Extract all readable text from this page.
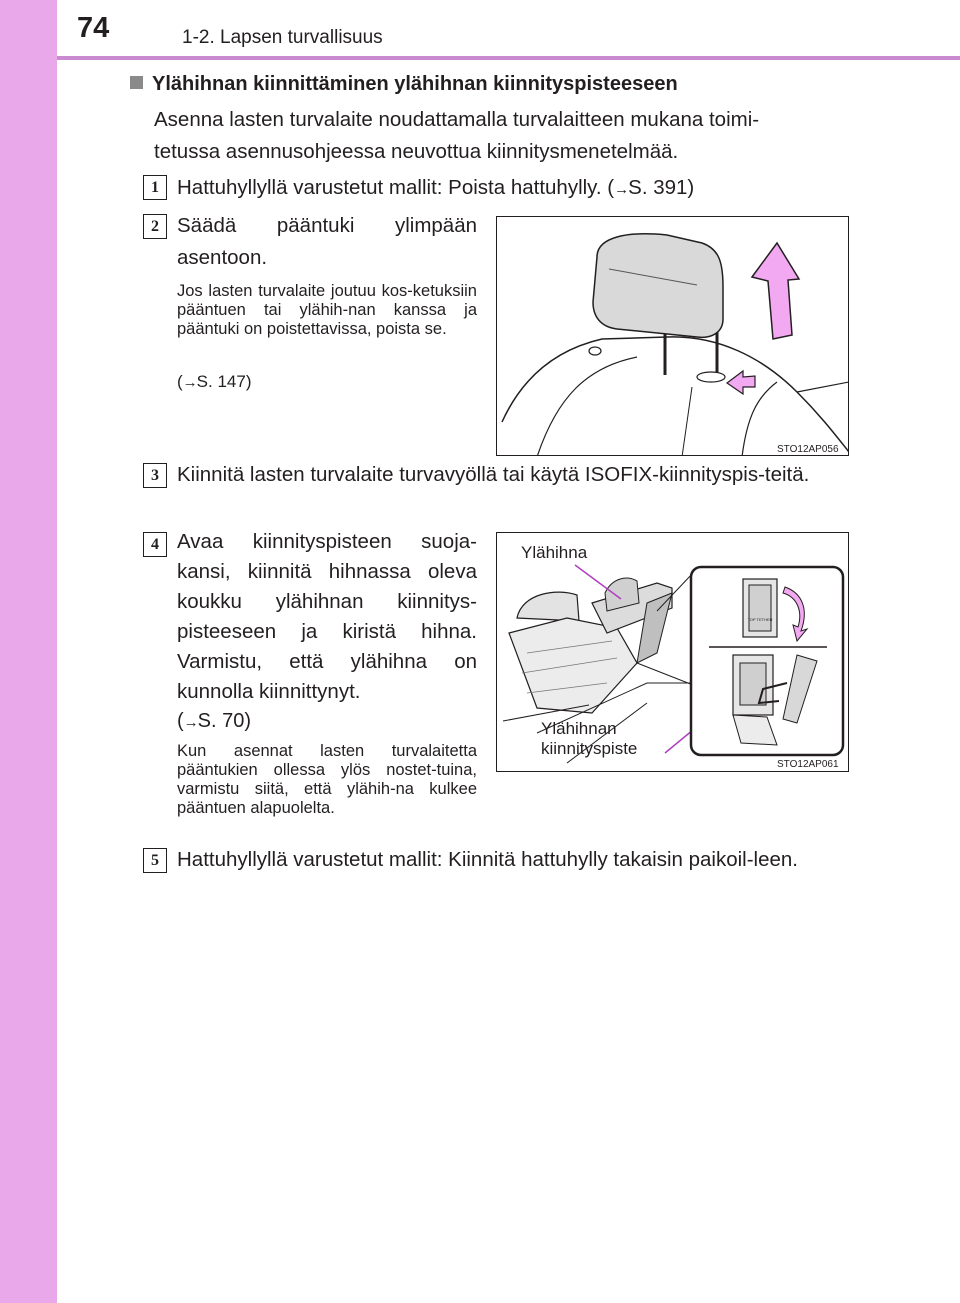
74	1-2. Lapsen turvallisuus
Ylähihnan kiinnittäminen ylähihnan kiinnityspisteeseen
Asenna lasten turvalaite noudattamalla turvalaitteen mukana toimi-
tetussa asennusohjeessa neuvottua kiinnitysmenetelmää.
1 Hattuhyllyllä varustetut mallit: Poista hattuhylly. (→S. 391)
2 Säädä pääntuki ylimpään asentoon.
Jos lasten turvalaite joutuu kos-ketuksiin pääntuen tai ylähih-nan kanssa ja pääntuki on poistettavissa, poista se.
(→S. 147)
STO12AP056
3 Kiinnitä lasten turvalaite turvavyöllä tai käytä ISOFIX-kiinnityspis-teitä.
4 Avaa kiinnityspisteen suoja-kansi, kiinnitä hihnassa oleva koukku ylähihnan kiinnitys-pisteeseen ja kiristä hihna. Varmistu, että ylähihna on kunnolla kiinnittynyt.
(→S. 70)
Kun asennat lasten turvalaitetta pääntukien ollessa ylös nostet-tuina, varmistu siitä, että ylähih-na kulkee pääntuen alapuolelta.
Ylähihna
Ylähihnan
kiinnityspiste
TOP TETHER
STO12AP061
5 Hattuhyllyllä varustetut mallit: Kiinnitä hattuhylly takaisin paikoil-leen.
